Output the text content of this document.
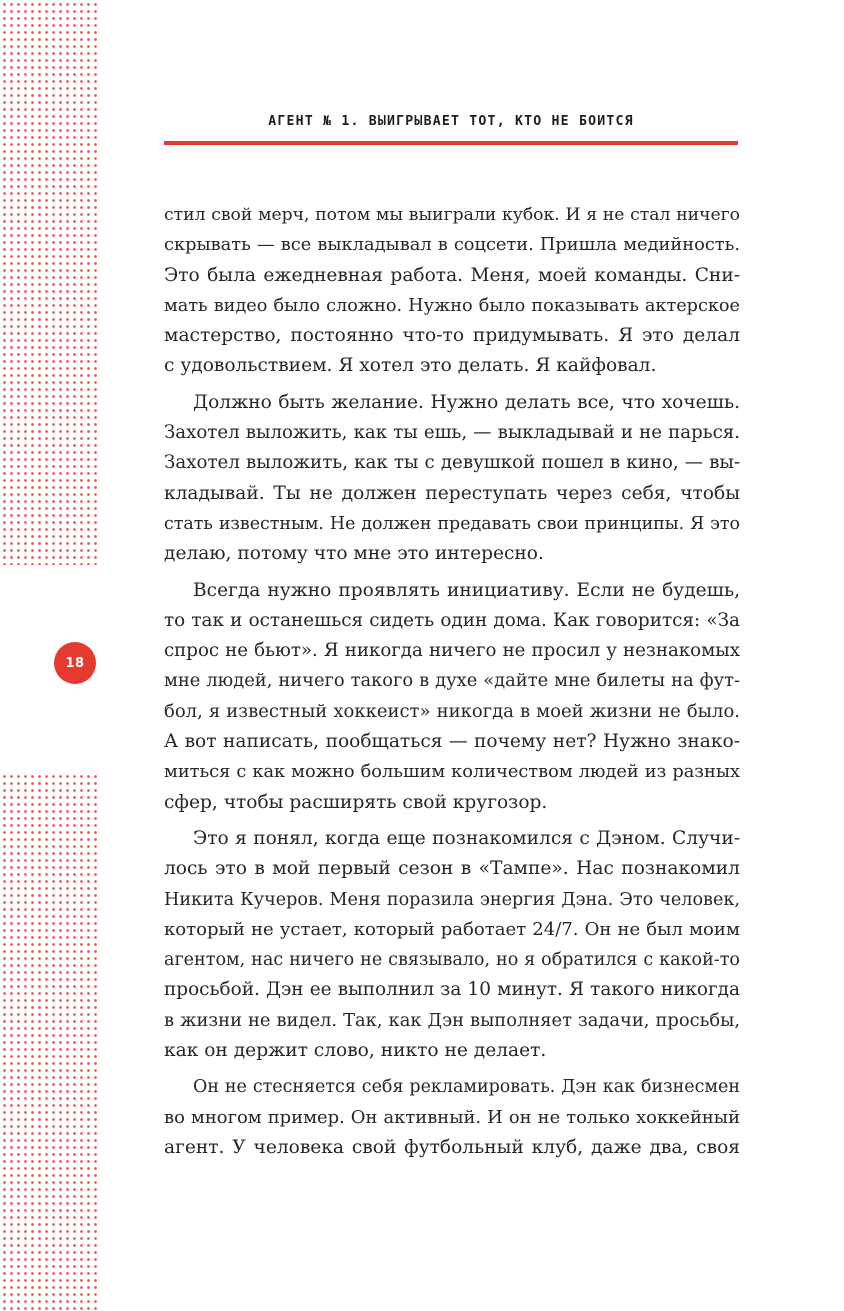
18
АГЕНТ № 1. ВЫИГРЫВАЕТ ТОТ, КТО НЕ БОИТСЯ
стил свой мерч, потом мы выиграли кубок. И я не стал ничего
скрывать — все выкладывал в соцсети. Пришла медийность.
Это была ежедневная работа. Меня, моей команды. Сни-
мать видео было сложно. Нужно было показывать актерское
мастерство, постоянно что-то придумывать. Я это делал
с удовольствием. Я хотел это делать. Я кайфовал.
Должно быть желание. Нужно делать все, что хочешь.
Захотел выложить, как ты ешь, — выкладывай и не парься.
Захотел выложить, как ты с девушкой пошел в кино, — вы-
кладывай. Ты не должен переступать через себя, чтобы
стать известным. Не должен предавать свои принципы. Я это
делаю, потому что мне это интересно.
Всегда нужно проявлять инициативу. Если не будешь,
то так и останешься сидеть один дома. Как говорится: «За
спрос не бьют». Я никогда ничего не просил у незнакомых
мне людей, ничего такого в духе «дайте мне билеты на фут-
бол, я известный хоккеист» никогда в моей жизни не было.
А вот написать, пообщаться — почему нет? Нужно знако-
миться с как можно большим количеством людей из разных
сфер, чтобы расширять свой кругозор.
Это я понял, когда еще познакомился с Дэном. Случи-
лось это в мой первый сезон в «Тампе». Нас познакомил
Никита Кучеров. Меня поразила энергия Дэна. Это человек,
который не устает, который работает 24/7. Он не был моим
агентом, нас ничего не связывало, но я обратился с какой-то
просьбой. Дэн ее выполнил за 10 минут. Я такого никогда
в жизни не видел. Так, как Дэн выполняет задачи, просьбы,
как он держит слово, никто не делает.
Он не стесняется себя рекламировать. Дэн как бизнесмен
во многом пример. Он активный. И он не только хоккейный
агент. У человека свой футбольный клуб, даже два, своя
